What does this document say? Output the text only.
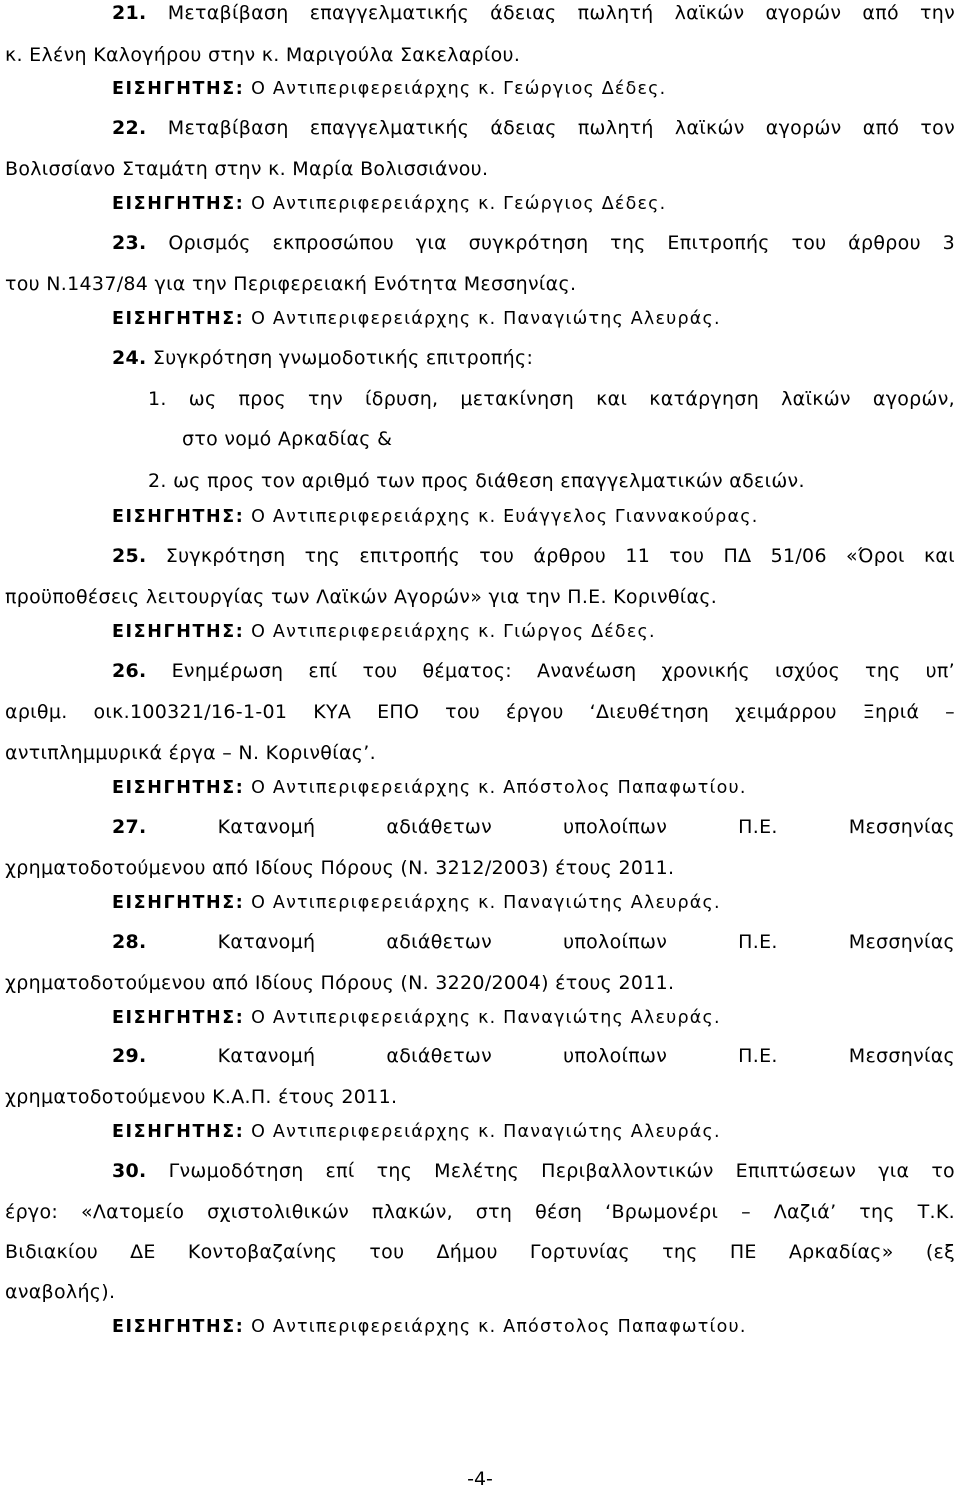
21. Μεταβίβαση επαγγελματικής άδειας πωλητή λαϊκών αγορών από την
κ. Ελένη Καλογήρου στην κ. Μαριγούλα Σακελαρίου.
ΕΙΣΗΓΗΤΗΣ: Ο Αντιπεριφερειάρχης κ. Γεώργιος Δέδες.
22. Μεταβίβαση επαγγελματικής άδειας πωλητή λαϊκών αγορών από τον
Βολισσίανο Σταμάτη στην κ. Μαρία Βολισσιάνου.
ΕΙΣΗΓΗΤΗΣ: Ο Αντιπεριφερειάρχης κ. Γεώργιος Δέδες.
23. Ορισμός εκπροσώπου για συγκρότηση της Επιτροπής του άρθρου 3
του Ν.1437/84 για την Περιφερειακή Ενότητα Μεσσηνίας.
ΕΙΣΗΓΗΤΗΣ: Ο Αντιπεριφερειάρχης κ. Παναγιώτης Αλευράς.
24. Συγκρότηση γνωμοδοτικής επιτροπής:
1. ως προς την ίδρυση, μετακίνηση και κατάργηση λαϊκών αγορών,
στο νομό Αρκαδίας &
2. ως προς τον αριθμό των προς διάθεση επαγγελματικών αδειών.
ΕΙΣΗΓΗΤΗΣ: Ο Αντιπεριφερειάρχης κ. Ευάγγελος Γιαννακούρας.
25. Συγκρότηση της επιτροπής του άρθρου 11 του ΠΔ 51/06 «Όροι και
προϋποθέσεις λειτουργίας των Λαϊκών Αγορών» για την Π.Ε. Κορινθίας.
ΕΙΣΗΓΗΤΗΣ: Ο Αντιπεριφερειάρχης κ. Γιώργος Δέδες.
26. Ενημέρωση επί του θέματος: Ανανέωση χρονικής ισχύος της υπ’
αριθμ. οικ.100321/16-1-01 ΚΥΑ ΕΠΟ του έργου ‘Διευθέτηση χειμάρρου Ξηριά –
αντιπλημμυρικά έργα – Ν. Κορινθίας’.
ΕΙΣΗΓΗΤΗΣ: Ο Αντιπεριφερειάρχης κ. Απόστολος Παπαφωτίου.
27.	Κατανομή αδιάθετων υπολοίπων Π.Ε. Μεσσηνίας
χρηματοδοτούμενου από Ιδίους Πόρους (Ν. 3212/2003) έτους 2011.
ΕΙΣΗΓΗΤΗΣ: Ο Αντιπεριφερειάρχης κ. Παναγιώτης Αλευράς.
28.	Κατανομή αδιάθετων υπολοίπων Π.Ε. Μεσσηνίας
χρηματοδοτούμενου από Ιδίους Πόρους (Ν. 3220/2004) έτους 2011.
ΕΙΣΗΓΗΤΗΣ: Ο Αντιπεριφερειάρχης κ. Παναγιώτης Αλευράς.
29.	Κατανομή αδιάθετων υπολοίπων Π.Ε. Μεσσηνίας
χρηματοδοτούμενου Κ.Α.Π. έτους 2011.
ΕΙΣΗΓΗΤΗΣ: Ο Αντιπεριφερειάρχης κ. Παναγιώτης Αλευράς.
30. Γνωμοδότηση επί της Μελέτης Περιβαλλοντικών Επιπτώσεων για το
έργο: «Λατομείο σχιστολιθικών πλακών, στη θέση ‘Βρωμονέρι – Λαζιά’ της Τ.Κ.
Βιδιακίου ΔΕ Κοντοβαζαίνης του Δήμου Γορτυνίας της ΠΕ Αρκαδίας» (εξ
αναβολής).
ΕΙΣΗΓΗΤΗΣ: Ο Αντιπεριφερειάρχης κ. Απόστολος Παπαφωτίου.
-4-
